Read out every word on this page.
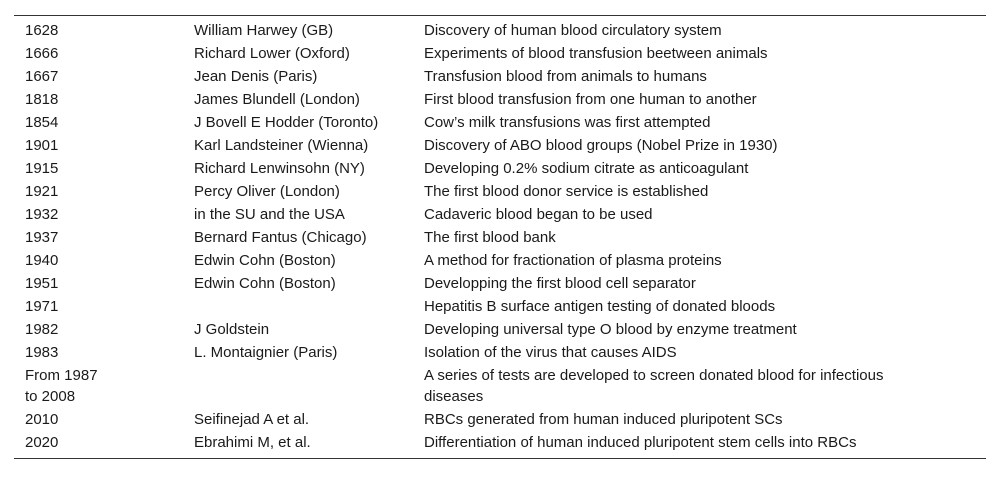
1628	William Harwey (GB)	Discovery of human blood circulatory system
1666	Richard Lower (Oxford)	Experiments of blood transfusion beetween animals
1667	Jean Denis (Paris)	Transfusion blood from animals to humans
1818	James Blundell (London)	First blood transfusion from one human to another
1854	J Bovell E Hodder (Toronto)	Cow’s milk transfusions was first attempted
1901	Karl Landsteiner (Wienna)	Discovery of ABO blood groups (Nobel Prize in 1930)
1915	Richard Lenwinsohn (NY)	Developing 0.2% sodium citrate as anticoagulant
1921	Percy Oliver (London)	The first blood donor service is established
1932	in the SU and the USA	Cadaveric blood began to be used
1937	Bernard Fantus (Chicago)	The first blood bank
1940	Edwin Cohn (Boston)	A method for fractionation of plasma proteins
1951	Edwin Cohn (Boston)	Developping the first blood cell separator
1971		Hepatitis B surface antigen testing of donated bloods
1982	J Goldstein	Developing universal type O blood by enzyme treatment
1983	L. Montaignier (Paris)	Isolation of the virus that causes AIDS
From 1987 to 2008		A series of tests are developed to screen donated blood for infectious diseases
2010	Seifinejad A et al.	RBCs generated from human induced pluripotent SCs
2020	Ebrahimi M, et al.	Differentiation of human induced pluripotent stem cells into RBCs
